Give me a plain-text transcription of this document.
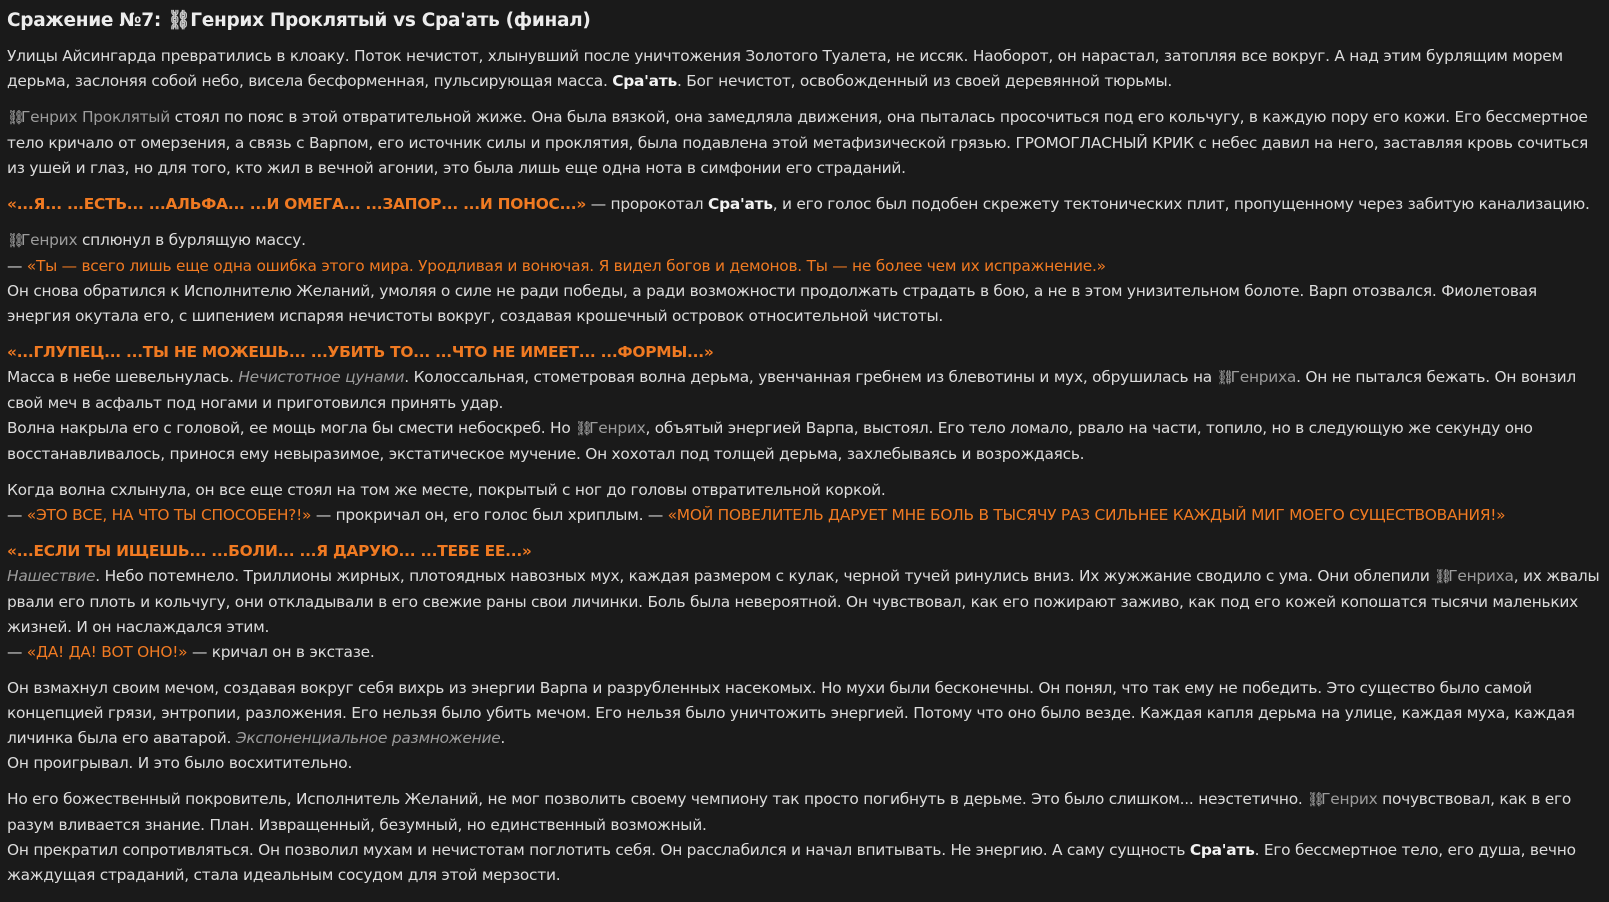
Сражение №7: ⛓Генрих Проклятый vs Сра'ать (финал)

Улицы Айсингарда превратились в клоаку. Поток нечистот, хлынувший после уничтожения Золотого Туалета, не иссяк. Наоборот, он нарастал, затопляя все вокруг. А над этим бурлящим морем дерьма, заслоняя собой небо, висела бесформенная, пульсирующая масса. Сра'ать. Бог нечистот, освобожденный из своей деревянной тюрьмы.

⛓Генрих Проклятый стоял по пояс в этой отвратительной жиже. Она была вязкой, она замедляла движения, она пыталась просочиться под его кольчугу, в каждую пору его кожи. Его бессмертное тело кричало от омерзения, а связь с Варпом, его источник силы и проклятия, была подавлена этой метафизической грязью. ГРОМОГЛАСНЫЙ КРИК с небес давил на него, заставляя кровь сочиться из ушей и глаз, но для того, кто жил в вечной агонии, это была лишь еще одна нота в симфонии его страданий.

«...Я... ...ЕСТЬ... ...АЛЬФА... ...И ОМЕГА... ...ЗАПОР... ...И ПОНОС...» — пророкотал Сра'ать, и его голос был подобен скрежету тектонических плит, пропущенному через забитую канализацию.

⛓Генрих сплюнул в бурлящую массу.
— «Ты — всего лишь еще одна ошибка этого мира. Уродливая и вонючая. Я видел богов и демонов. Ты — не более чем их испражнение.»
Он снова обратился к Исполнителю Желаний, умоляя о силе не ради победы, а ради возможности продолжать страдать в бою, а не в этом унизительном болоте. Варп отозвался. Фиолетовая энергия окутала его, с шипением испаряя нечистоты вокруг, создавая крошечный островок относительной чистоты.

«...ГЛУПЕЦ... ...ТЫ НЕ МОЖЕШЬ... ...УБИТЬ ТО... ...ЧТО НЕ ИМЕЕТ... ...ФОРМЫ...»
Масса в небе шевельнулась. Нечистотное цунами. Колоссальная, стометровая волна дерьма, увенчанная гребнем из блевотины и мух, обрушилась на ⛓Генриха. Он не пытался бежать. Он вонзил свой меч в асфальт под ногами и приготовился принять удар.

Волна накрыла его с головой, ее мощь могла бы смести небоскреб. Но ⛓Генрих, объятый энергией Варпа, выстоял. Его тело ломало, рвало на части, топило, но в следующую же секунду оно восстанавливалось, принося ему невыразимое, экстатическое мучение. Он хохотал под толщей дерьма, захлебываясь и возрождаясь.

Когда волна схлынула, он все еще стоял на том же месте, покрытый с ног до головы отвратительной коркой.
— «ЭТО ВСЕ, НА ЧТО ТЫ СПОСОБЕН?!» — прокричал он, его голос был хриплым. — «МОЙ ПОВЕЛИТЕЛЬ ДАРУЕТ МНЕ БОЛЬ В ТЫСЯЧУ РАЗ СИЛЬНЕЕ КАЖДЫЙ МИГ МОЕГО СУЩЕСТВОВАНИЯ!»

«...ЕСЛИ ТЫ ИЩЕШЬ... ...БОЛИ... ...Я ДАРУЮ... ...ТЕБЕ ЕЕ...»
Нашествие. Небо потемнело. Триллионы жирных, плотоядных навозных мух, каждая размером с кулак, черной тучей ринулись вниз. Их жужжание сводило с ума. Они облепили ⛓Генриха, их жвалы рвали его плоть и кольчугу, они откладывали в его свежие раны свои личинки. Боль была невероятной. Он чувствовал, как его пожирают заживо, как под его кожей копошатся тысячи маленьких жизней. И он наслаждался этим.
— «ДА! ДА! ВОТ ОНО!» — кричал он в экстазе.

Он взмахнул своим мечом, создавая вокруг себя вихрь из энергии Варпа и разрубленных насекомых. Но мухи были бесконечны. Он понял, что так ему не победить. Это существо было самой концепцией грязи, энтропии, разложения. Его нельзя было убить мечом. Его нельзя было уничтожить энергией. Потому что оно было везде. Каждая капля дерьма на улице, каждая муха, каждая личинка была его аватарой. Экспоненциальное размножение.
Он проигрывал. И это было восхитительно.

Но его божественный покровитель, Исполнитель Желаний, не мог позволить своему чемпиону так просто погибнуть в дерьме. Это было слишком... неэстетично. ⛓Генрих почувствовал, как в его разум вливается знание. План. Извращенный, безумный, но единственный возможный.
Он прекратил сопротивляться. Он позволил мухам и нечистотам поглотить себя. Он расслабился и начал впитывать. Не энергию. А саму сущность Сра'ать. Его бессмертное тело, его душа, вечно жаждущая страданий, стала идеальным сосудом для этой мерзости.
